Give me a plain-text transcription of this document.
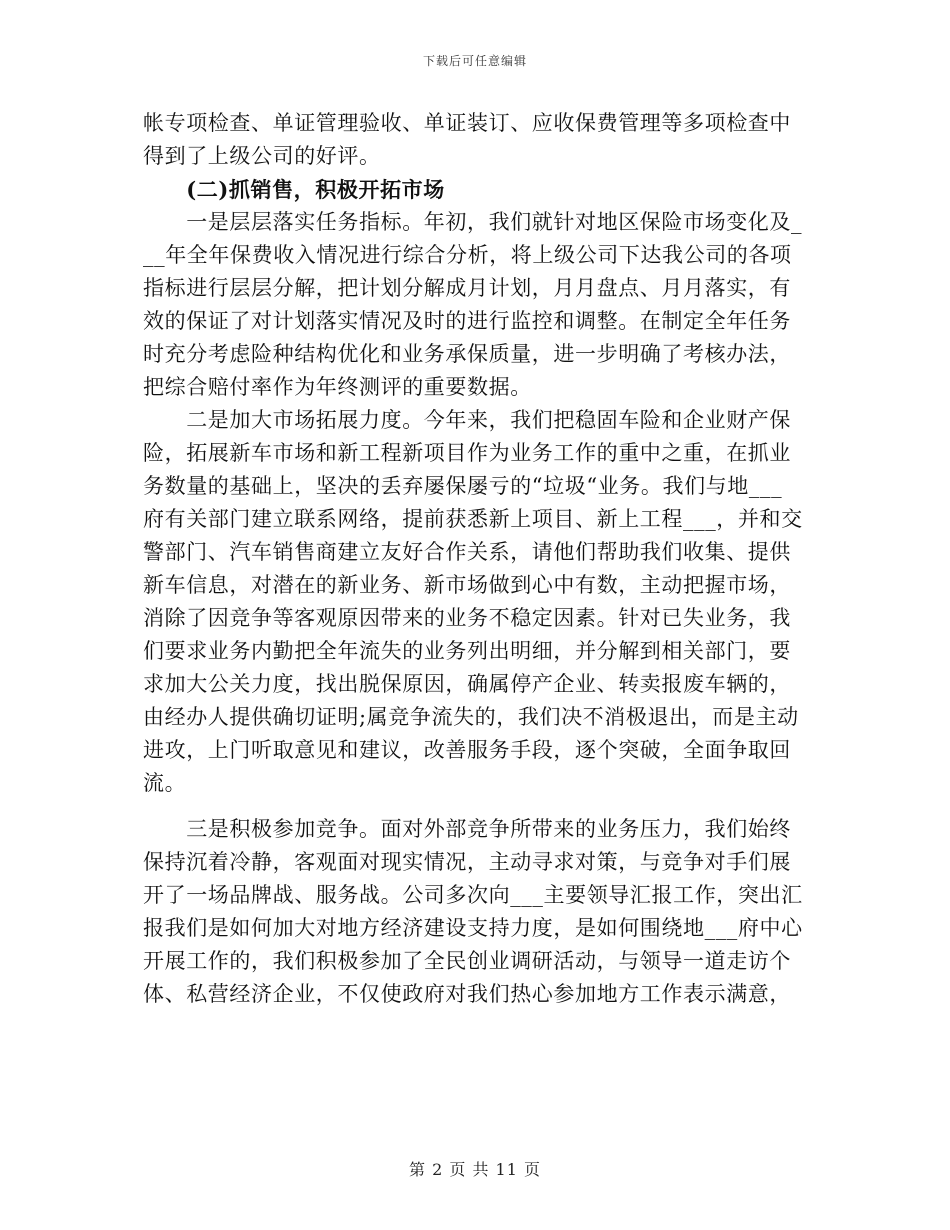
下载后可任意编辑
帐专项检查、单证管理验收、单证装订、应收保费管理等多项检查中
得到了上级公司的好评。
　　(二)抓销售，积极开拓市场
　　一是层层落实任务指标。年初，我们就针对地区保险市场变化及_
__年全年保费收入情况进行综合分析，将上级公司下达我公司的各项
指标进行层层分解，把计划分解成月计划，月月盘点、月月落实，有
效的保证了对计划落实情况及时的进行监控和调整。在制定全年任务
时充分考虑险种结构优化和业务承保质量，进一步明确了考核办法，
把综合赔付率作为年终测评的重要数据。
　　二是加大市场拓展力度。今年来，我们把稳固车险和企业财产保
险，拓展新车市场和新工程新项目作为业务工作的重中之重，在抓业
务数量的基础上，坚决的丢弃屡保屡亏的“垃圾“业务。我们与地___
府有关部门建立联系网络，提前获悉新上项目、新上工程___，并和交
警部门、汽车销售商建立友好合作关系，请他们帮助我们收集、提供
新车信息，对潜在的新业务、新市场做到心中有数，主动把握市场，
消除了因竞争等客观原因带来的业务不稳定因素。针对已失业务，我
们要求业务内勤把全年流失的业务列出明细，并分解到相关部门，要
求加大公关力度，找出脱保原因，确属停产企业、转卖报废车辆的，
由经办人提供确切证明;属竞争流失的，我们决不消极退出，而是主动
进攻，上门听取意见和建议，改善服务手段，逐个突破，全面争取回
流。
　　三是积极参加竞争。面对外部竞争所带来的业务压力，我们始终
保持沉着冷静，客观面对现实情况，主动寻求对策，与竞争对手们展
开了一场品牌战、服务战。公司多次向___主要领导汇报工作，突出汇
报我们是如何加大对地方经济建设支持力度，是如何围绕地___府中心
开展工作的，我们积极参加了全民创业调研活动，与领导一道走访个
体、私营经济企业，不仅使政府对我们热心参加地方工作表示满意，
第 2 页 共 11 页
